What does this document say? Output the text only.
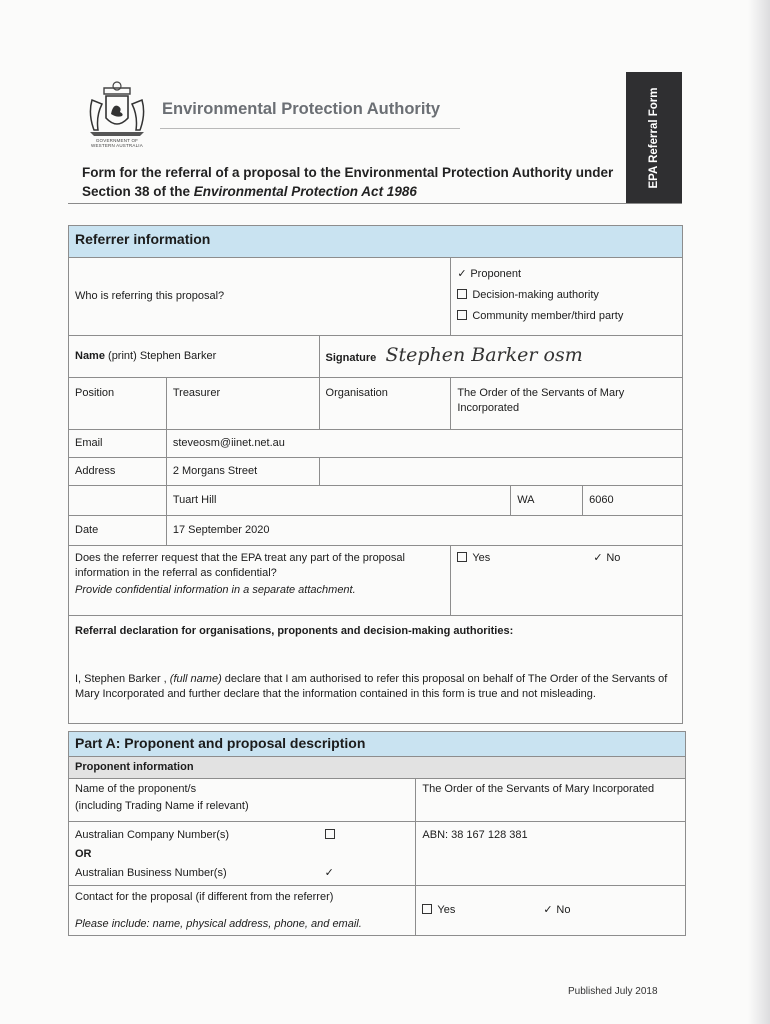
GOVERNMENT OF
WESTERN AUSTRALIA
Environmental Protection Authority
Form for the referral of a proposal to the Environmental Protection Authority under Section 38 of the Environmental Protection Act 1986
EPA Referral Form
Referrer information					
Who is referring this proposal?			✓ Proponent
Decision-making authority
Community member/third party		

Name (print) Stephen Barker		Signature Stephen Barker osm			
Position	Treasurer	Organisation	The Order of the Servants of Mary Incorporated		
Email	steveosm@iinet.net.au				
Address	2 Morgans Street				
	Tuart Hill			WA	6060
Date	17 September 2020				

Does the referrer request that the EPA treat any part of the proposal information in the referral as confidential?
Provide confidential information in a separate attachment.			Yes ✓ No		

Referral declaration for organisations, proponents and decision-making authorities:
I, Stephen Barker , (full name) declare that I am authorised to refer this proposal on behalf of The Order of the Servants of Mary Incorporated and further declare that the information contained in this form is true and not misleading.					
Part A: Proponent and proposal description	
Proponent information	

Name of the proponent/s
(including Trading Name if relevant)	The Order of the Servants of Mary Incorporated

Australian Company Number(s)
OR
Australian Business Number(s) ✓	ABN: 38 167 128 381

Contact for the proposal (if different from the referrer)
Please include: name, physical address, phone, and email.	Yes ✓ No
Published July 2018
